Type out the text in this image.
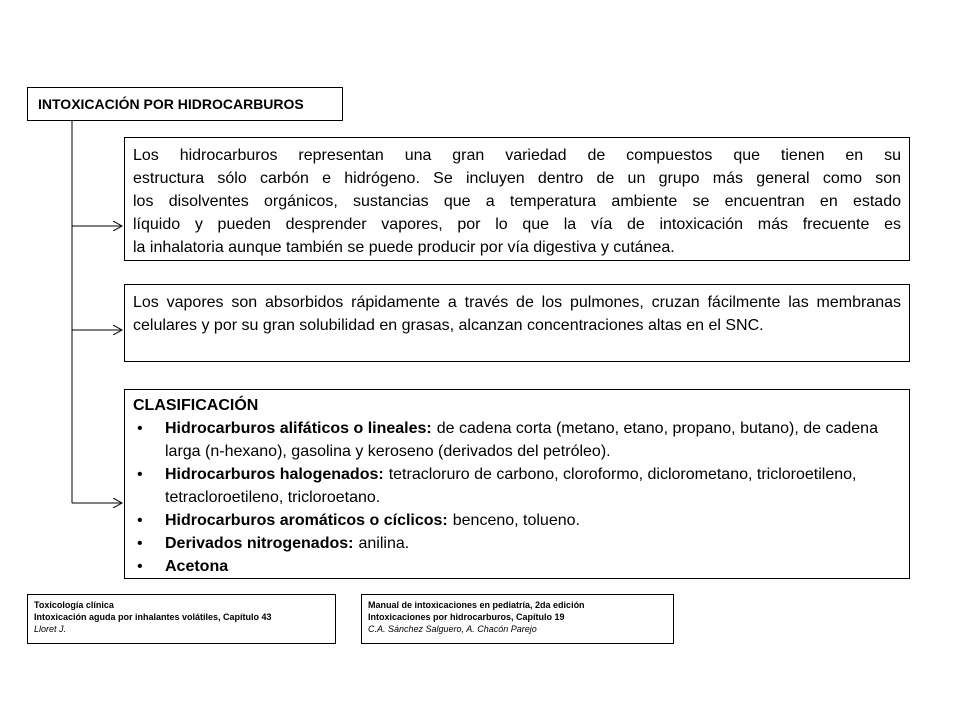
INTOXICACIÓN POR HIDROCARBUROS
Los hidrocarburos representan una gran variedad de compuestos que tienen en su
estructura sólo carbón e hidrógeno. Se incluyen dentro de un grupo más general como son
los disolventes orgánicos, sustancias que a temperatura ambiente se encuentran en estado
líquido y pueden desprender vapores, por lo que la vía de intoxicación más frecuente es
la inhalatoria aunque también se puede producir por vía digestiva y cutánea.
Los vapores son absorbidos rápidamente a través de los pulmones, cruzan fácilmente las membranas celulares y por su gran solubilidad en grasas, alcanzan concentraciones altas en el SNC.
CLASIFICACIÓN
• Hidrocarburos alifáticos o lineales: de cadena corta (metano, etano, propano, butano), de cadena larga (n-hexano), gasolina y keroseno (derivados del petróleo).
• Hidrocarburos halogenados: tetracloruro de carbono, cloroformo, diclorometano, tricloroetileno, tetracloroetileno, tricloroetano.
• Hidrocarburos aromáticos o cíclicos: benceno, tolueno.
• Derivados nitrogenados: anilina.
• Acetona
Toxicología clínica
Intoxicación aguda por inhalantes volátiles, Capítulo 43
Lloret J.
Manual de intoxicaciones en pediatría, 2da edición
Intoxicaciones por hidrocarburos, Capítulo 19
C.A. Sánchez Salguero, A. Chacón Parejo
